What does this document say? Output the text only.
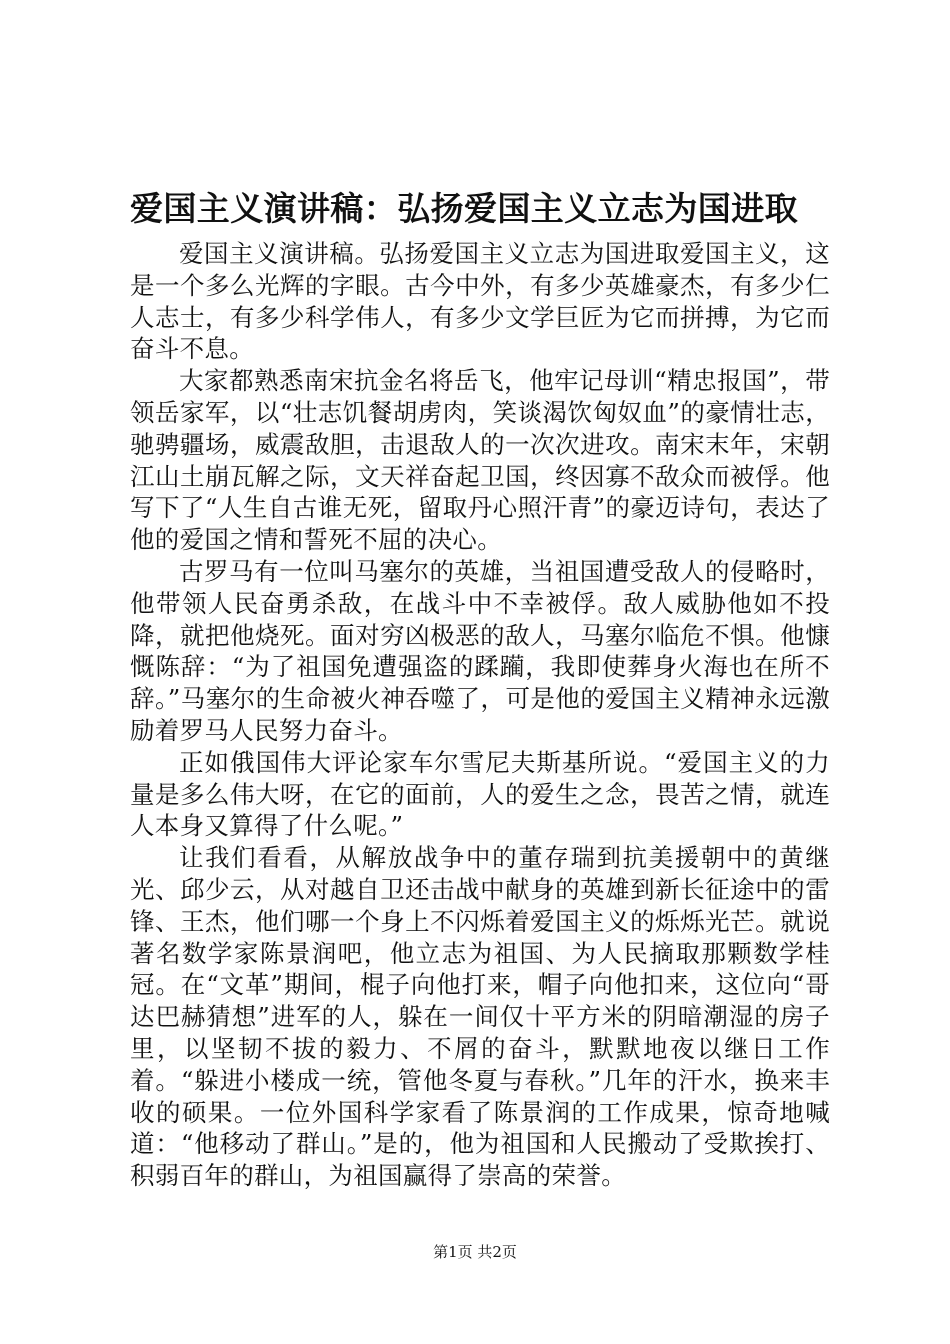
爱国主义演讲稿：弘扬爱国主义立志为国进取

爱国主义演讲稿。弘扬爱国主义立志为国进取爱国主义，这是一个多么光辉的字眼。古今中外，有多少英雄豪杰，有多少仁人志士，有多少科学伟人，有多少文学巨匠为它而拼搏，为它而奋斗不息。

大家都熟悉南宋抗金名将岳飞，他牢记母训“精忠报国”，带领岳家军，以“壮志饥餐胡虏肉，笑谈渴饮匈奴血”的豪情壮志，驰骋疆场，威震敌胆，击退敌人的一次次进攻。南宋末年，宋朝江山土崩瓦解之际，文天祥奋起卫国，终因寡不敌众而被俘。他写下了“人生自古谁无死，留取丹心照汗青”的豪迈诗句，表达了他的爱国之情和誓死不屈的决心。

古罗马有一位叫马塞尔的英雄，当祖国遭受敌人的侵略时，他带领人民奋勇杀敌，在战斗中不幸被俘。敌人威胁他如不投降，就把他烧死。面对穷凶极恶的敌人，马塞尔临危不惧。他慷慨陈辞：“为了祖国免遭强盗的蹂躏，我即使葬身火海也在所不辞。”马塞尔的生命被火神吞噬了，可是他的爱国主义精神永远激励着罗马人民努力奋斗。

正如俄国伟大评论家车尔雪尼夫斯基所说。“爱国主义的力量是多么伟大呀，在它的面前，人的爱生之念，畏苦之情，就连人本身又算得了什么呢。”

让我们看看，从解放战争中的董存瑞到抗美援朝中的黄继光、邱少云，从对越自卫还击战中献身的英雄到新长征途中的雷锋、王杰，他们哪一个身上不闪烁着爱国主义的烁烁光芒。就说著名数学家陈景润吧，他立志为祖国、为人民摘取那颗数学桂冠。在“文革”期间，棍子向他打来，帽子向他扣来，这位向“哥达巴赫猜想”进军的人，躲在一间仅十平方米的阴暗潮湿的房子里，以坚韧不拔的毅力、不屑的奋斗，默默地夜以继日工作着。“躲进小楼成一统，管他冬夏与春秋。”几年的汗水，换来丰收的硕果。一位外国科学家看了陈景润的工作成果，惊奇地喊道：“他移动了群山。”是的，他为祖国和人民搬动了受欺挨打、积弱百年的群山，为祖国赢得了崇高的荣誉。

第1页 共2页
